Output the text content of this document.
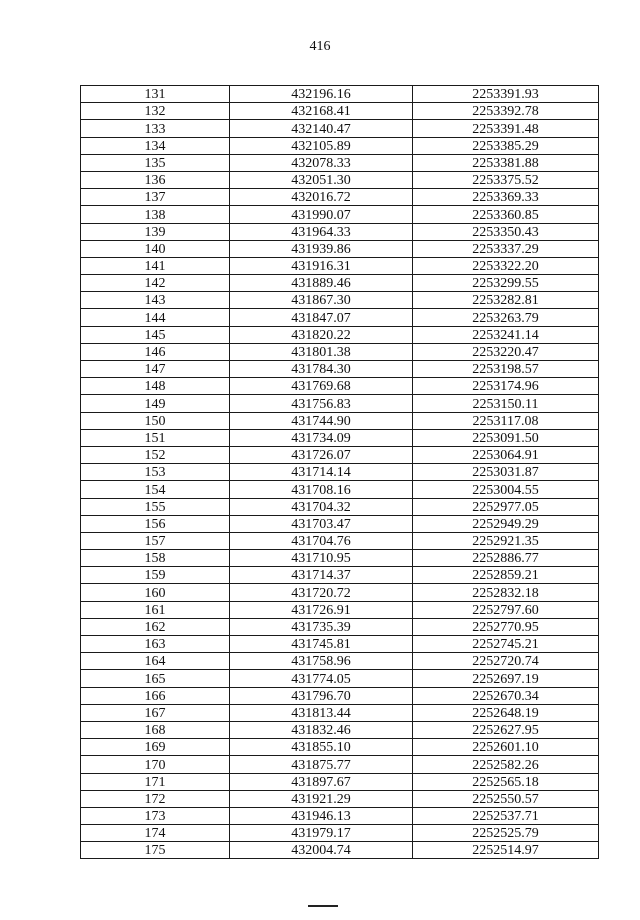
416
131	432196.16	2253391.93
132	432168.41	2253392.78
133	432140.47	2253391.48
134	432105.89	2253385.29
135	432078.33	2253381.88
136	432051.30	2253375.52
137	432016.72	2253369.33
138	431990.07	2253360.85
139	431964.33	2253350.43
140	431939.86	2253337.29
141	431916.31	2253322.20
142	431889.46	2253299.55
143	431867.30	2253282.81
144	431847.07	2253263.79
145	431820.22	2253241.14
146	431801.38	2253220.47
147	431784.30	2253198.57
148	431769.68	2253174.96
149	431756.83	2253150.11
150	431744.90	2253117.08
151	431734.09	2253091.50
152	431726.07	2253064.91
153	431714.14	2253031.87
154	431708.16	2253004.55
155	431704.32	2252977.05
156	431703.47	2252949.29
157	431704.76	2252921.35
158	431710.95	2252886.77
159	431714.37	2252859.21
160	431720.72	2252832.18
161	431726.91	2252797.60
162	431735.39	2252770.95
163	431745.81	2252745.21
164	431758.96	2252720.74
165	431774.05	2252697.19
166	431796.70	2252670.34
167	431813.44	2252648.19
168	431832.46	2252627.95
169	431855.10	2252601.10
170	431875.77	2252582.26
171	431897.67	2252565.18
172	431921.29	2252550.57
173	431946.13	2252537.71
174	431979.17	2252525.79
175	432004.74	2252514.97
